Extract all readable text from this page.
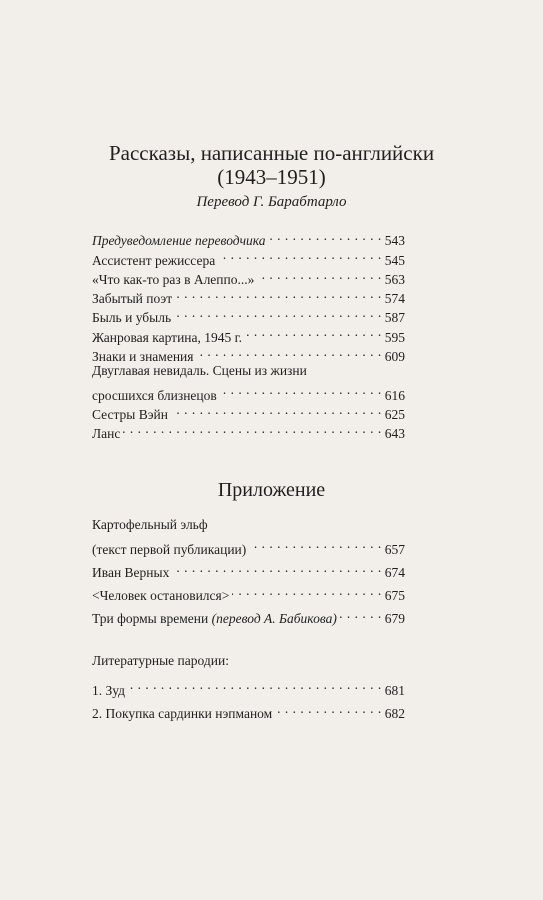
Рассказы, написанные по-английски
(1943–1951)
Перевод Г. Барабтарло
Предуведомление переводчика . . .	543
Ассистент режиссера . . .	545
«Что как-то раз в Алеппо...» . . .	563
Забытый поэт . . .	574
Быль и убыль . . .	587
Жанровая картина, 1945 г. . . .	595
Знаки и знамения . . .	609
Двуглавая невидаль. Сцены из жизни
сросшихся близнецов . . .	616
Сестры Вэйн . . .	625
Ланс . . .	643
Приложение
Картофельный эльф
(текст первой публикации) . . .	657
Иван Верных . . .	674
<Человек остановился> . . .	675
Три формы времени (перевод А. Бабикова) . . .	679
Литературные пародии:
1. Зуд . . .	681
2. Покупка сардинки нэпманом . . .	682
